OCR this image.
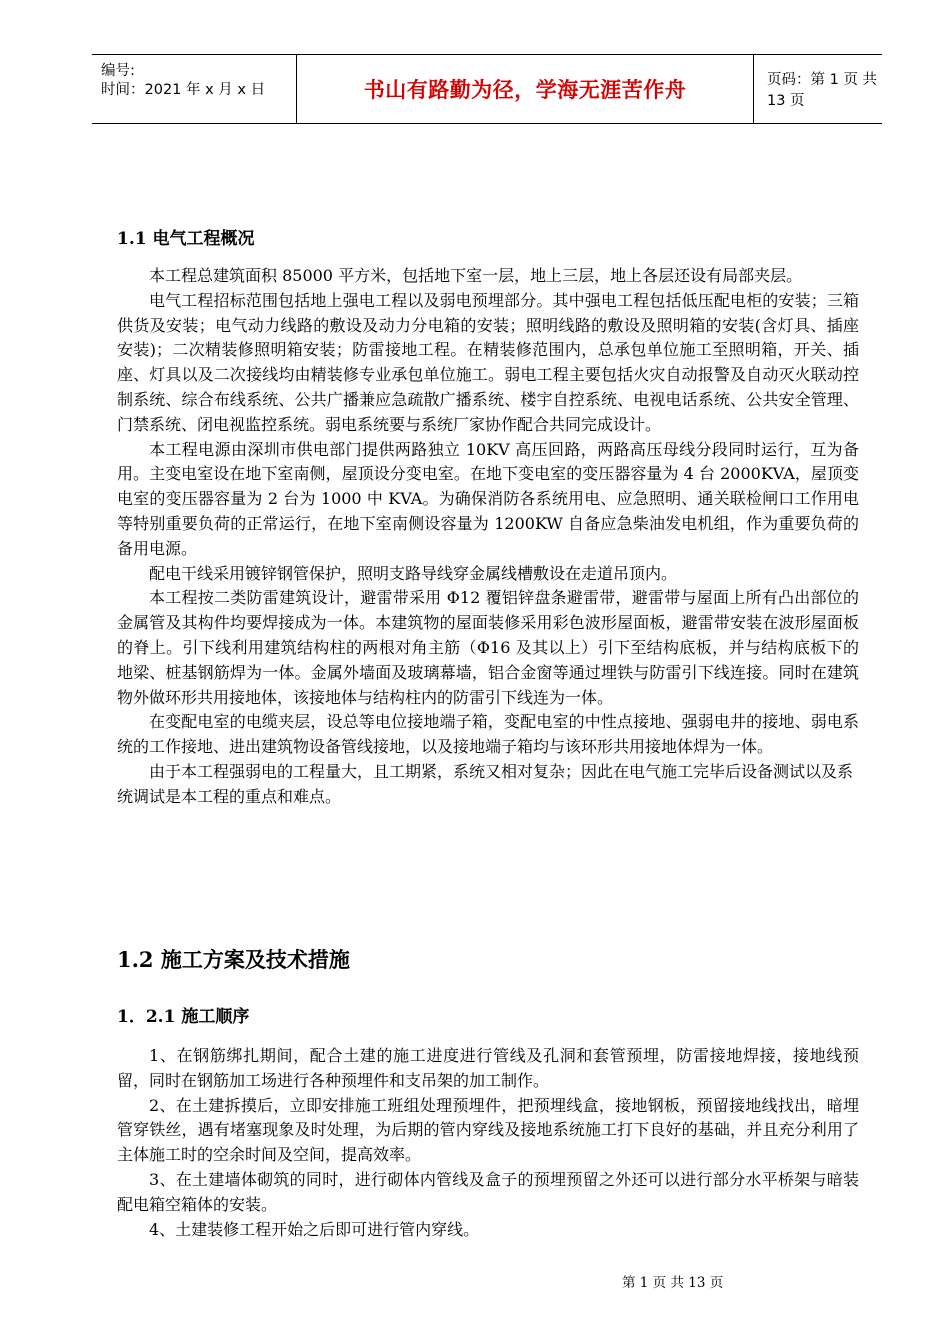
编号:
时间：2021 年 x 月 x 日	书山有路勤为径，学海无涯苦作舟	页码：第 1 页 共 13 页
1.1 电气工程概况

本工程总建筑面积 85000 平方米，包括地下室一层，地上三层，地上各层还设有局部夹层。

电气工程招标范围包括地上强电工程以及弱电预埋部分。其中强电工程包括低压配电柜的安装；三箱供货及安装；电气动力线路的敷设及动力分电箱的安装；照明线路的敷设及照明箱的安装(含灯具、插座安装)；二次精装修照明箱安装；防雷接地工程。在精装修范围内，总承包单位施工至照明箱，开关、插座、灯具以及二次接线均由精装修专业承包单位施工。弱电工程主要包括火灾自动报警及自动灭火联动控制系统、综合布线系统、公共广播兼应急疏散广播系统、楼宇自控系统、电视电话系统、公共安全管理、门禁系统、闭电视监控系统。弱电系统要与系统厂家协作配合共同完成设计。

本工程电源由深圳市供电部门提供两路独立 10KV 高压回路，两路高压母线分段同时运行，互为备用。主变电室设在地下室南侧，屋顶设分变电室。在地下变电室的变压器容量为 4 台 2000KVA，屋顶变电室的变压器容量为 2 台为 1000 中 KVA。为确保消防各系统用电、应急照明、通关联检闸口工作用电等特别重要负荷的正常运行，在地下室南侧设容量为 1200KW 自备应急柴油发电机组，作为重要负荷的备用电源。

配电干线采用镀锌钢管保护，照明支路导线穿金属线槽敷设在走道吊顶内。

本工程按二类防雷建筑设计，避雷带采用 Φ12 覆铝锌盘条避雷带，避雷带与屋面上所有凸出部位的金属管及其构件均要焊接成为一体。本建筑物的屋面装修采用彩色波形屋面板，避雷带安装在波形屋面板的脊上。引下线利用建筑结构柱的两根对角主筋（Φ16 及其以上）引下至结构底板，并与结构底板下的地梁、桩基钢筋焊为一体。金属外墙面及玻璃幕墙，铝合金窗等通过埋铁与防雷引下线连接。同时在建筑物外做环形共用接地体，该接地体与结构柱内的防雷引下线连为一体。

在变配电室的电缆夹层，设总等电位接地端子箱，变配电室的中性点接地、强弱电井的接地、弱电系统的工作接地、进出建筑物设备管线接地，以及接地端子箱均与该环形共用接地体焊为一体。

由于本工程强弱电的工程量大，且工期紧，系统又相对复杂；因此在电气施工完毕后设备测试以及系统调试是本工程的重点和难点。

1.2 施工方案及技术措施
1．2.1 施工顺序

1、在钢筋绑扎期间，配合土建的施工进度进行管线及孔洞和套管预埋，防雷接地焊接，接地线预留，同时在钢筋加工场进行各种预埋件和支吊架的加工制作。

2、在土建拆摸后，立即安排施工班组处理预埋件，把预埋线盒，接地钢板，预留接地线找出，暗埋管穿铁丝，遇有堵塞现象及时处理，为后期的管内穿线及接地系统施工打下良好的基础，并且充分利用了主体施工时的空余时间及空间，提高效率。

3、在土建墙体砌筑的同时，进行砌体内管线及盒子的预埋预留之外还可以进行部分水平桥架与暗装配电箱空箱体的安装。

4、土建装修工程开始之后即可进行管内穿线。

第 1 页 共 13 页
